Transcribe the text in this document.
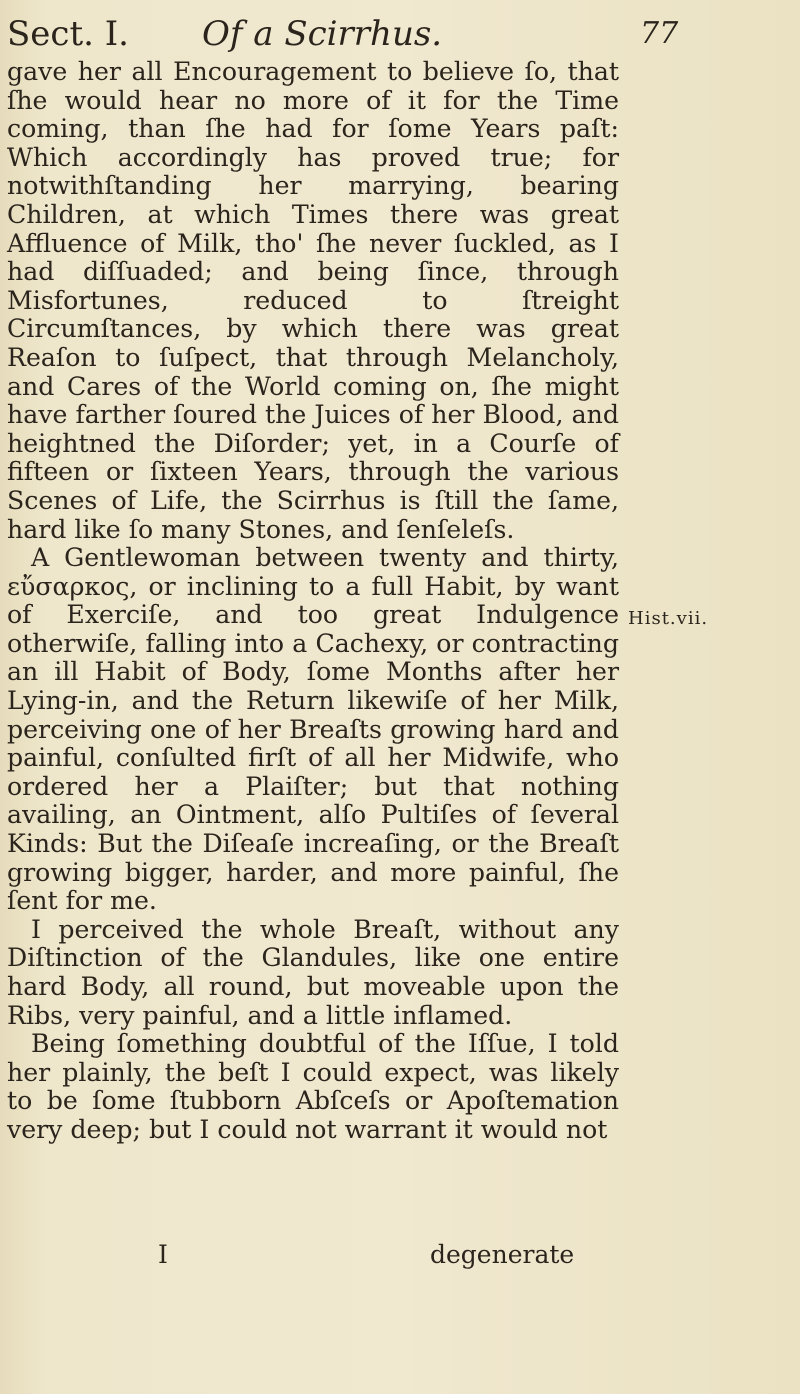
Sect. I. Of a Scirrhus.	77

gave her all Encouragement to believe ſo, that ſhe would hear no more of it for the Time coming, than ſhe had for ſome Years paſt: Which accordingly has proved true; for notwithſtanding her marrying, bearing Children, at which Times there was great Affluence of Milk, tho' ſhe never ſuckled, as I had diſſuaded; and being ſince, through Misfortunes, reduced to ſtreight Circumſtances, by which there was great Reaſon to ſuſpect, that through Melancholy, and Cares of the World coming on, ſhe might have farther ſoured the Juices of her Blood, and heightned the Diſorder; yet, in a Courſe of fifteen or ſixteen Years, through the various Scenes of Life, the Scirrhus is ſtill the ſame, hard like ſo many Stones, and ſenſeleſs.

A Gentlewoman between twenty and thirty, εὔσαρκος, or inclining to a full Habit, by want of Exerciſe, and too great Indulgence otherwiſe, falling into a Cachexy, or contracting an ill Habit of Body, ſome Months after her Lying-in, and the Return likewiſe of her Milk, perceiving one of her Breaſts growing hard and painful, conſulted firſt of all her Midwife, who ordered her a Plaiſter; but that nothing availing, an Ointment, alſo Pultiſes of ſeveral Kinds: But the Diſeaſe increaſing, or the Breaſt growing bigger, harder, and more painful, ſhe ſent for me.

I perceived the whole Breaſt, without any Diſtinction of the Glandules, like one entire hard Body, all round, but moveable upon the Ribs, very painful, and a little inflamed.

Being ſomething doubtful of the Iſſue, I told her plainly, the beſt I could expect, was likely to be ſome ſtubborn Abſceſs or Apoſtemation very deep; but I could not warrant it would not

Hist.vii.
I	degenerate
